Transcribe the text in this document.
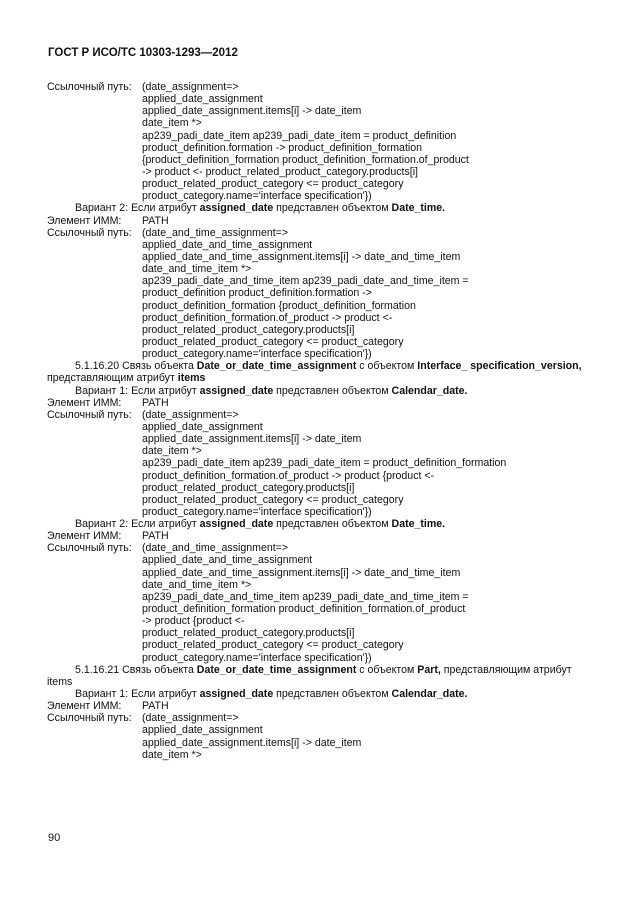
ГОСТ Р ИСО/ТС 10303-1293—2012
Ссылочный путь: (date_assignment=>
applied_date_assignment
applied_date_assignment.items[i] -> date_item
date_item *>
ap239_padi_date_item ap239_padi_date_item = product_definition
product_definition.formation -> product_definition_formation
{product_definition_formation product_definition_formation.of_product
-> product <- product_related_product_category.products[i]
product_related_product_category <= product_category
product_category.name='interface specification'})
Вариант 2: Если атрибут assigned_date представлен объектом Date_time.
Элемент ИММ: PATH
Ссылочный путь: (date_and_time_assignment=>
applied_date_and_time_assignment
applied_date_and_time_assignment.items[i] -> date_and_time_item
date_and_time_item *>
ap239_padi_date_and_time_item ap239_padi_date_and_time_item =
product_definition product_definition.formation ->
product_definition_formation {product_definition_formation
product_definition_formation.of_product -> product <-
product_related_product_category.products[i]
product_related_product_category <= product_category
product_category.name='interface specification'})
5.1.16.20 Связь объекта Date_or_date_time_assignment с объектом Interface_ specification_version,
представляющим атрибут items
Вариант 1: Если атрибут assigned_date представлен объектом Calendar_date.
Элемент ИММ: PATH
Ссылочный путь: (date_assignment=>
applied_date_assignment
applied_date_assignment.items[i] -> date_item
date_item *>
ap239_padi_date_item ap239_padi_date_item = product_definition_formation
product_definition_formation.of_product -> product {product <-
product_related_product_category.products[i]
product_related_product_category <= product_category
product_category.name='interface specification'})
Вариант 2: Если атрибут assigned_date представлен объектом Date_time.
Элемент ИММ: PATH
Ссылочный путь: (date_and_time_assignment=>
applied_date_and_time_assignment
applied_date_and_time_assignment.items[i] -> date_and_time_item
date_and_time_item *>
ap239_padi_date_and_time_item ap239_padi_date_and_time_item =
product_definition_formation product_definition_formation.of_product
-> product {product <-
product_related_product_category.products[i]
product_related_product_category <= product_category
product_category.name='interface specification'})
5.1.16.21 Связь объекта Date_or_date_time_assignment с объектом Part, представляющим атрибут
items
Вариант 1: Если атрибут assigned_date представлен объектом Calendar_date.
Элемент ИММ: PATH
Ссылочный путь: (date_assignment=>
applied_date_assignment
applied_date_assignment.items[i] -> date_item
date_item *>
90
